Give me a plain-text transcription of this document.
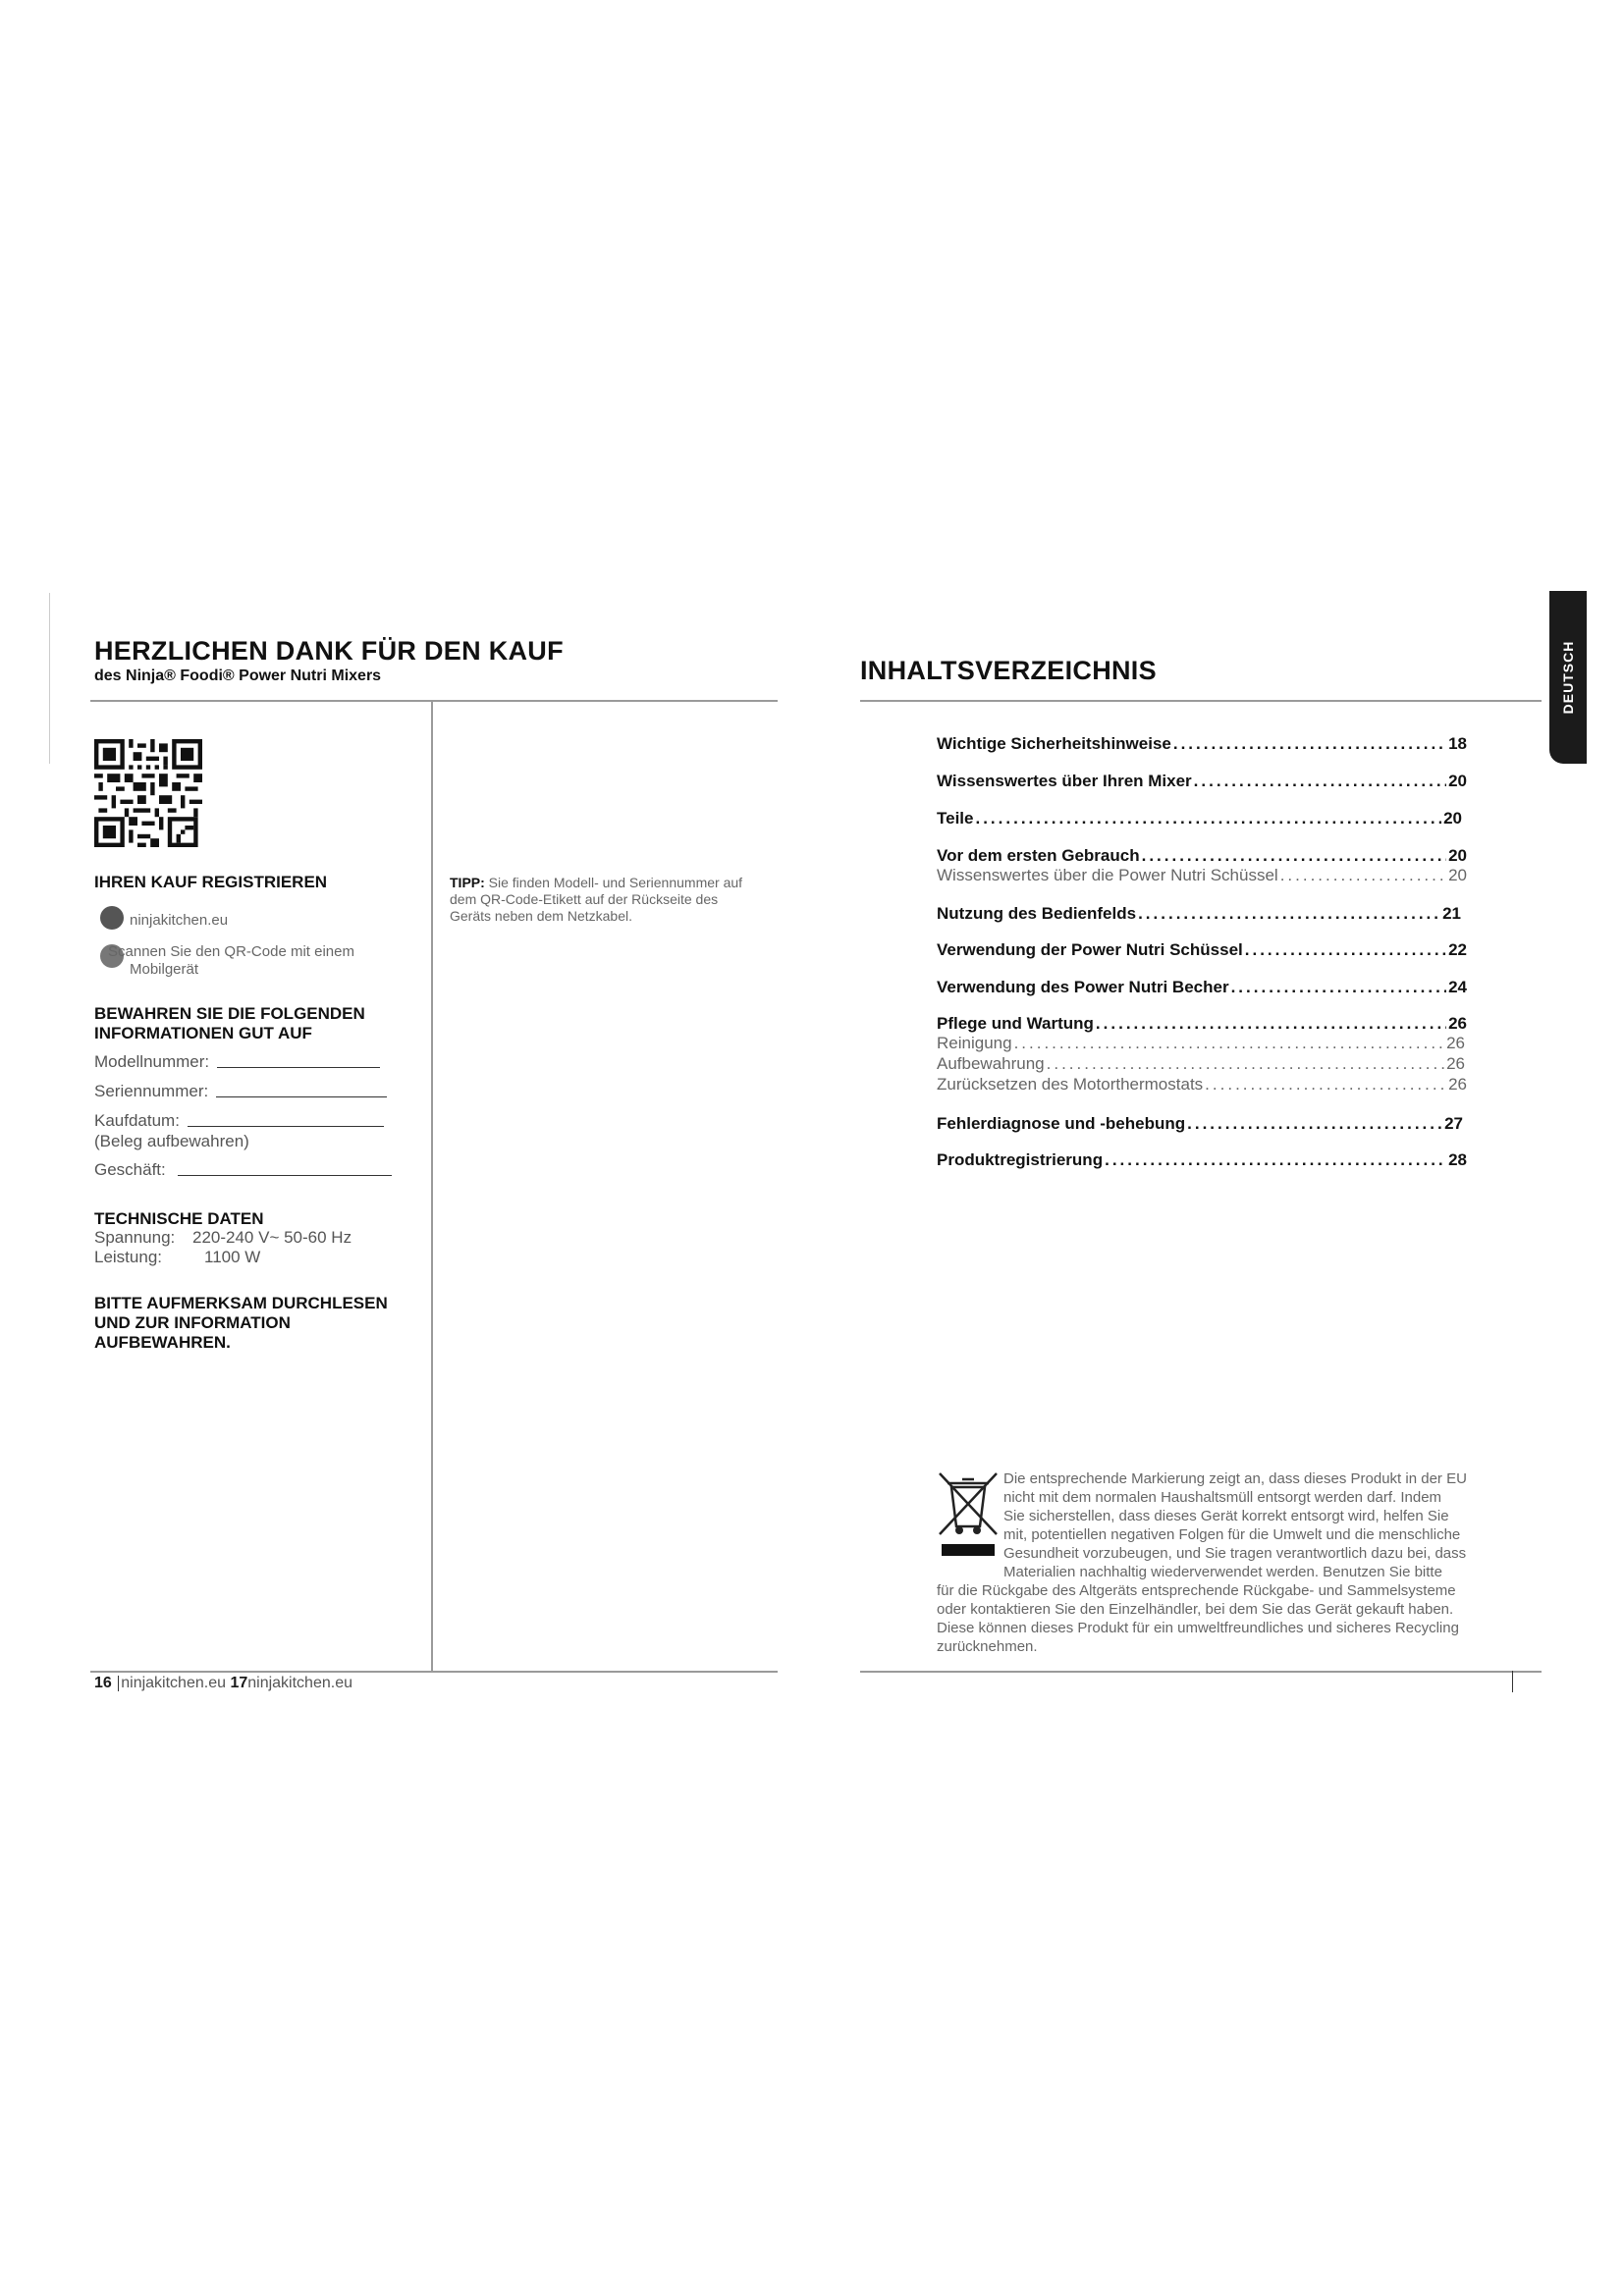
HERZLICHEN DANK FÜR DEN KAUF
des Ninja® Foodi® Power Nutri Mixers
IHREN KAUF REGISTRIEREN
ninjakitchen.eu
Scannen Sie den QR-Code mit einem
Mobilgerät
BEWAHREN SIE DIE FOLGENDEN
INFORMATIONEN GUT AUF
Modellnummer:
Seriennummer:
Kaufdatum:
(Beleg aufbewahren)
Geschäft:
TECHNISCHE DATEN
Spannung: 220-240 V~ 50-60 Hz
Leistung:	1100 W
BITTE AUFMERKSAM DURCHLESEN
UND ZUR INFORMATION
AUFBEWAHREN.
TIPP: Sie finden Modell- und Seriennummer auf
dem QR-Code-Etikett auf der Rückseite des
Geräts neben dem Netzkabel.
16 ninjakitchen.eu 17ninjakitchen.eu
INHALTSVERZEICHNIS	DEUTSCH
Wichtige Sicherheitshinweise .....	18
Wissenswertes über Ihren Mixer .....	20
Teile .....	20
Vor dem ersten Gebrauch .....	20
Wissenswertes über die Power Nutri Schüssel .....	20
Nutzung des Bedienfelds .....	21
Verwendung der Power Nutri Schüssel .....	22
Verwendung des Power Nutri Becher .....	24
Pflege und Wartung .....	26
Reinigung .....	26
Aufbewahrung .....	26
Zurücksetzen des Motorthermostats .....	26
Fehlerdiagnose und -behebung .....	27
Produktregistrierung .....	28
Die entsprechende Markierung zeigt an, dass dieses Produkt in der EU
nicht mit dem normalen Haushaltsmüll entsorgt werden darf. Indem
Sie sicherstellen, dass dieses Gerät korrekt entsorgt wird, helfen Sie
mit, potentiellen negativen Folgen für die Umwelt und die menschliche
Gesundheit vorzubeugen, und Sie tragen verantwortlich dazu bei, dass
Materialien nachhaltig wiederverwendet werden. Benutzen Sie bitte
für die Rückgabe des Altgeräts entsprechende Rückgabe- und Sammelsysteme
oder kontaktieren Sie den Einzelhändler, bei dem Sie das Gerät gekauft haben.
Diese können dieses Produkt für ein umweltfreundliches und sicheres Recycling
zurücknehmen.
